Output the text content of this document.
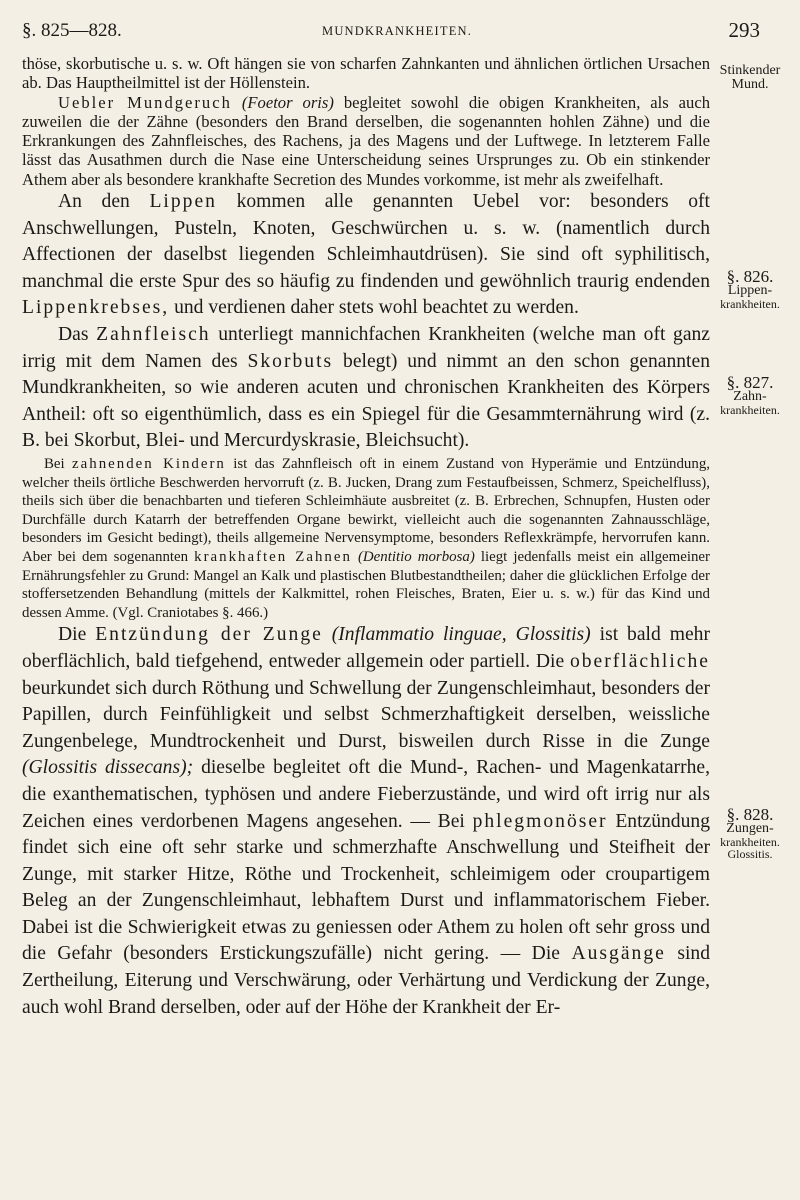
§. 825—828.	MUNDKRANKHEITEN.	293

thöse, skorbutische u. s. w. Oft hängen sie von scharfen Zahnkanten und ähnlichen örtlichen Ursachen ab. Das Hauptheilmittel ist der Höllenstein.

Uebler Mundgeruch (Foetor oris) begleitet sowohl die obigen Krankheiten, als auch zuweilen die der Zähne (besonders den Brand derselben, die sogenannten hohlen Zähne) und die Erkrankungen des Zahnfleisches, des Rachens, ja des Magens und der Luftwege. In letzterem Falle lässt das Ausathmen durch die Nase eine Unterscheidung seines Ursprunges zu. Ob ein stinkender Athem aber als besondere krankhafte Secretion des Mundes vorkomme, ist mehr als zweifelhaft.

An den Lippen kommen alle genannten Uebel vor: besonders oft Anschwellungen, Pusteln, Knoten, Geschwürchen u. s. w. (namentlich durch Affectionen der daselbst liegenden Schleimhautdrüsen). Sie sind oft syphilitisch, manchmal die erste Spur des so häufig zu findenden und gewöhnlich traurig endenden Lippenkrebses, und verdienen daher stets wohl beachtet zu werden.

Das Zahnfleisch unterliegt mannichfachen Krankheiten (welche man oft ganz irrig mit dem Namen des Skorbuts belegt) und nimmt an den schon genannten Mundkrankheiten, so wie anderen acuten und chronischen Krankheiten des Körpers Antheil: oft so eigenthümlich, dass es ein Spiegel für die Gesammternährung wird (z. B. bei Skorbut, Blei- und Mercurdyskrasie, Bleichsucht).

Bei zahnenden Kindern ist das Zahnfleisch oft in einem Zustand von Hyperämie und Entzündung, welcher theils örtliche Beschwerden hervorruft (z. B. Jucken, Drang zum Festaufbeissen, Schmerz, Speichelfluss), theils sich über die benachbarten und tieferen Schleimhäute ausbreitet (z. B. Erbrechen, Schnupfen, Husten oder Durchfälle durch Katarrh der betreffenden Organe bewirkt, vielleicht auch die sogenannten Zahnausschläge, besonders im Gesicht bedingt), theils allgemeine Nervensymptome, besonders Reflexkrämpfe, hervorrufen kann. Aber bei dem sogenannten krankhaften Zahnen (Dentitio morbosa) liegt jedenfalls meist ein allgemeiner Ernährungsfehler zu Grund: Mangel an Kalk und plastischen Blutbestandtheilen; daher die glücklichen Erfolge der stoffersetzenden Behandlung (mittels der Kalkmittel, rohen Fleisches, Braten, Eier u. s. w.) für das Kind und dessen Amme. (Vgl. Craniotabes §. 466.)

Die Entzündung der Zunge (Inflammatio linguae, Glossitis) ist bald mehr oberflächlich, bald tiefgehend, entweder allgemein oder partiell. Die oberflächliche beurkundet sich durch Röthung und Schwellung der Zungenschleimhaut, besonders der Papillen, durch Feinfühligkeit und selbst Schmerzhaftigkeit derselben, weissliche Zungenbelege, Mundtrockenheit und Durst, bisweilen durch Risse in die Zunge (Glossitis dissecans); dieselbe begleitet oft die Mund-, Rachen- und Magenkatarrhe, die exanthematischen, typhösen und andere Fieberzustände, und wird oft irrig nur als Zeichen eines verdorbenen Magens angesehen. — Bei phlegmonöser Entzündung findet sich eine oft sehr starke und schmerzhafte Anschwellung und Steifheit der Zunge, mit starker Hitze, Röthe und Trockenheit, schleimigem oder croupartigem Beleg an der Zungenschleimhaut, lebhaftem Durst und inflammatorischem Fieber. Dabei ist die Schwierigkeit etwas zu geniessen oder Athem zu holen oft sehr gross und die Gefahr (besonders Erstickungszufälle) nicht gering. — Die Ausgänge sind Zertheilung, Eiterung und Verschwärung, oder Verhärtung und Verdickung der Zunge, auch wohl Brand derselben, oder auf der Höhe der Krankheit der Er-

Stinkender
Mund.
§. 826.
Lippen-
krankheiten.
§. 827.
Zahn-
krankheiten.
§. 828.
Zungen-
krankheiten.
Glossitis.
